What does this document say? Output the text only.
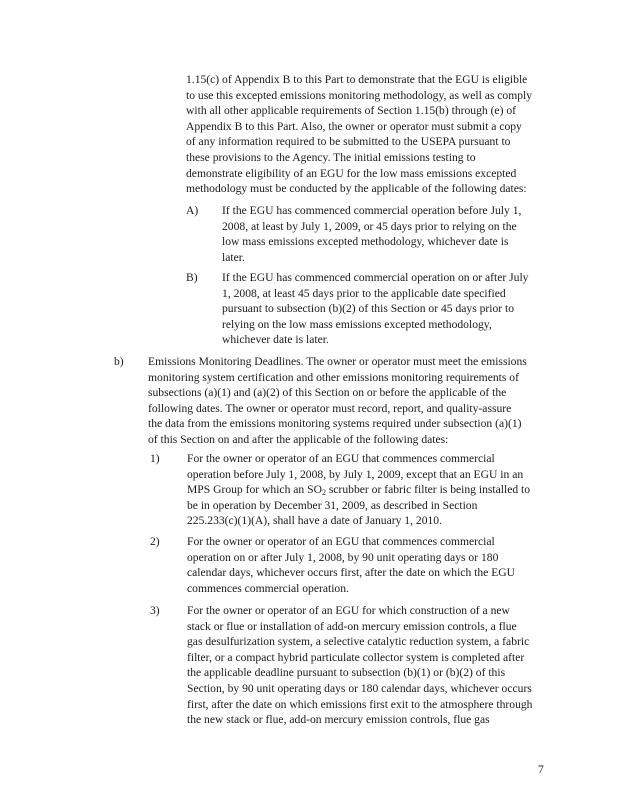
1.15(c) of Appendix B to this Part to demonstrate that the EGU is eligible
to use this excepted emissions monitoring methodology, as well as comply
with all other applicable requirements of Section 1.15(b) through (e) of
Appendix B to this Part. Also, the owner or operator must submit a copy
of any information required to be submitted to the USEPA pursuant to
these provisions to the Agency. The initial emissions testing to
demonstrate eligibility of an EGU for the low mass emissions excepted
methodology must be conducted by the applicable of the following dates:
A) If the EGU has commenced commercial operation before July 1,
2008, at least by July 1, 2009, or 45 days prior to relying on the
low mass emissions excepted methodology, whichever date is
later.
B) If the EGU has commenced commercial operation on or after July
1, 2008, at least 45 days prior to the applicable date specified
pursuant to subsection (b)(2) of this Section or 45 days prior to
relying on the low mass emissions excepted methodology,
whichever date is later.
b) Emissions Monitoring Deadlines. The owner or operator must meet the emissions
monitoring system certification and other emissions monitoring requirements of
subsections (a)(1) and (a)(2) of this Section on or before the applicable of the
following dates. The owner or operator must record, report, and quality-assure
the data from the emissions monitoring systems required under subsection (a)(1)
of this Section on and after the applicable of the following dates:
1) For the owner or operator of an EGU that commences commercial
operation before July 1, 2008, by July 1, 2009, except that an EGU in an
MPS Group for which an $SO_2$ scrubber or fabric filter is being installed to
be in operation by December 31, 2009, as described in Section
225.233(c)(1)(A), shall have a date of January 1, 2010.
2) For the owner or operator of an EGU that commences commercial
operation on or after July 1, 2008, by 90 unit operating days or 180
calendar days, whichever occurs first, after the date on which the EGU
commences commercial operation.
3) For the owner or operator of an EGU for which construction of a new
stack or flue or installation of add-on mercury emission controls, a flue
gas desulfurization system, a selective catalytic reduction system, a fabric
filter, or a compact hybrid particulate collector system is completed after
the applicable deadline pursuant to subsection (b)(1) or (b)(2) of this
Section, by 90 unit operating days or 180 calendar days, whichever occurs
first, after the date on which emissions first exit to the atmosphere through
the new stack or flue, add-on mercury emission controls, flue gas
7
